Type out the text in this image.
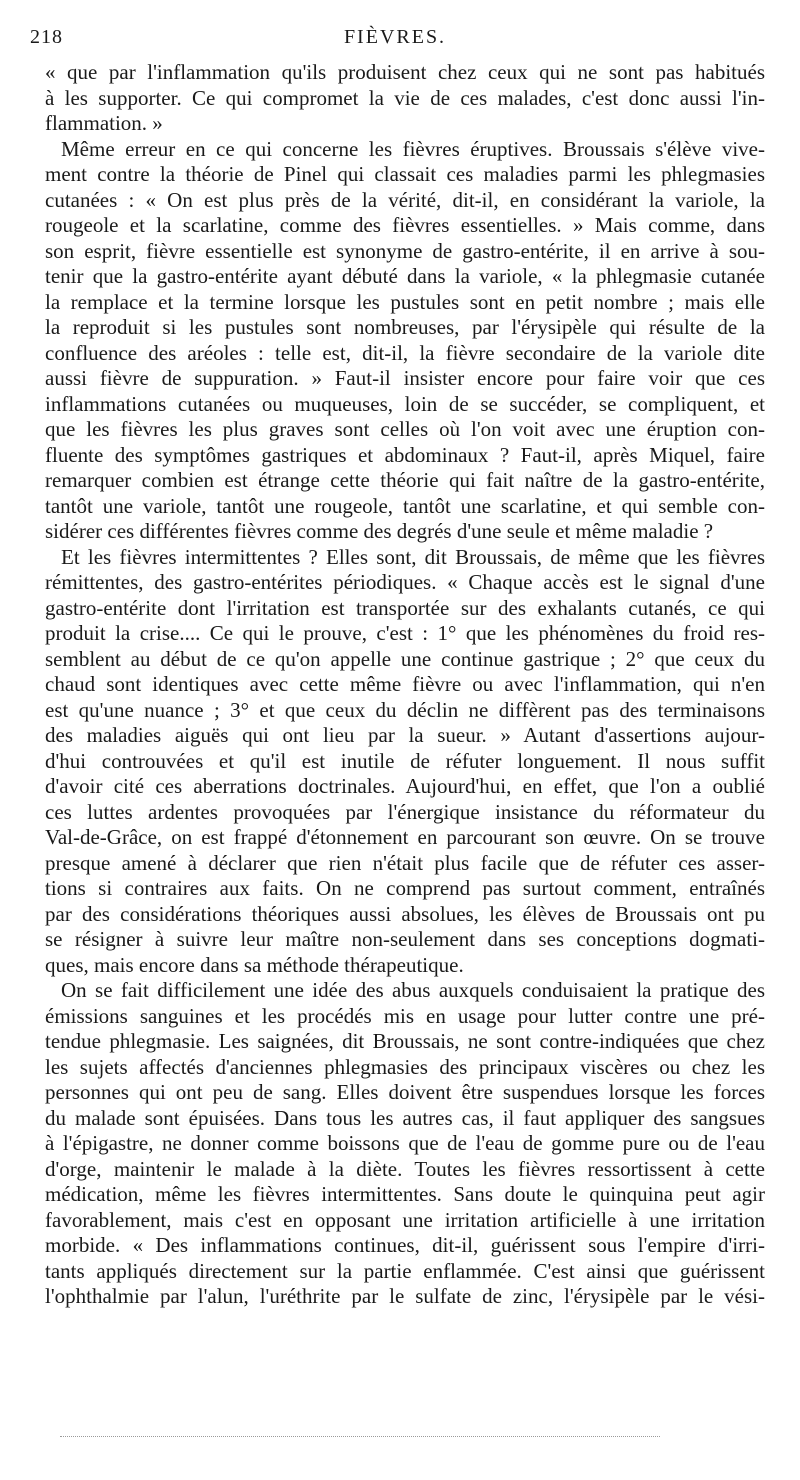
218	FIÈVRES.
« que par l'inflammation qu'ils produisent chez ceux qui ne sont pas habitués
à les supporter. Ce qui compromet la vie de ces malades, c'est donc aussi l'in-
flammation. »
Même erreur en ce qui concerne les fièvres éruptives. Broussais s'élève vive-
ment contre la théorie de Pinel qui classait ces maladies parmi les phlegmasies
cutanées : « On est plus près de la vérité, dit-il, en considérant la variole, la
rougeole et la scarlatine, comme des fièvres essentielles. » Mais comme, dans
son esprit, fièvre essentielle est synonyme de gastro-entérite, il en arrive à sou-
tenir que la gastro-entérite ayant débuté dans la variole, « la phlegmasie cutanée
la remplace et la termine lorsque les pustules sont en petit nombre ; mais elle
la reproduit si les pustules sont nombreuses, par l'érysipèle qui résulte de la
confluence des aréoles : telle est, dit-il, la fièvre secondaire de la variole dite
aussi fièvre de suppuration. » Faut-il insister encore pour faire voir que ces
inflammations cutanées ou muqueuses, loin de se succéder, se compliquent, et
que les fièvres les plus graves sont celles où l'on voit avec une éruption con-
fluente des symptômes gastriques et abdominaux ? Faut-il, après Miquel, faire
remarquer combien est étrange cette théorie qui fait naître de la gastro-entérite,
tantôt une variole, tantôt une rougeole, tantôt une scarlatine, et qui semble con-
sidérer ces différentes fièvres comme des degrés d'une seule et même maladie ?
Et les fièvres intermittentes ? Elles sont, dit Broussais, de même que les fièvres
rémittentes, des gastro-entérites périodiques. « Chaque accès est le signal d'une
gastro-entérite dont l'irritation est transportée sur des exhalants cutanés, ce qui
produit la crise.... Ce qui le prouve, c'est : 1° que les phénomènes du froid res-
semblent au début de ce qu'on appelle une continue gastrique ; 2° que ceux du
chaud sont identiques avec cette même fièvre ou avec l'inflammation, qui n'en
est qu'une nuance ; 3° et que ceux du déclin ne diffèrent pas des terminaisons
des maladies aiguës qui ont lieu par la sueur. » Autant d'assertions aujour-
d'hui controuvées et qu'il est inutile de réfuter longuement. Il nous suffit
d'avoir cité ces aberrations doctrinales. Aujourd'hui, en effet, que l'on a oublié
ces luttes ardentes provoquées par l'énergique insistance du réformateur du
Val-de-Grâce, on est frappé d'étonnement en parcourant son œuvre. On se trouve
presque amené à déclarer que rien n'était plus facile que de réfuter ces asser-
tions si contraires aux faits. On ne comprend pas surtout comment, entraînés
par des considérations théoriques aussi absolues, les élèves de Broussais ont pu
se résigner à suivre leur maître non-seulement dans ses conceptions dogmati-
ques, mais encore dans sa méthode thérapeutique.
On se fait difficilement une idée des abus auxquels conduisaient la pratique des
émissions sanguines et les procédés mis en usage pour lutter contre une pré-
tendue phlegmasie. Les saignées, dit Broussais, ne sont contre-indiquées que chez
les sujets affectés d'anciennes phlegmasies des principaux viscères ou chez les
personnes qui ont peu de sang. Elles doivent être suspendues lorsque les forces
du malade sont épuisées. Dans tous les autres cas, il faut appliquer des sangsues
à l'épigastre, ne donner comme boissons que de l'eau de gomme pure ou de l'eau
d'orge, maintenir le malade à la diète. Toutes les fièvres ressortissent à cette
médication, même les fièvres intermittentes. Sans doute le quinquina peut agir
favorablement, mais c'est en opposant une irritation artificielle à une irritation
morbide. « Des inflammations continues, dit-il, guérissent sous l'empire d'irri-
tants appliqués directement sur la partie enflammée. C'est ainsi que guérissent
l'ophthalmie par l'alun, l'uréthrite par le sulfate de zinc, l'érysipèle par le vési-
